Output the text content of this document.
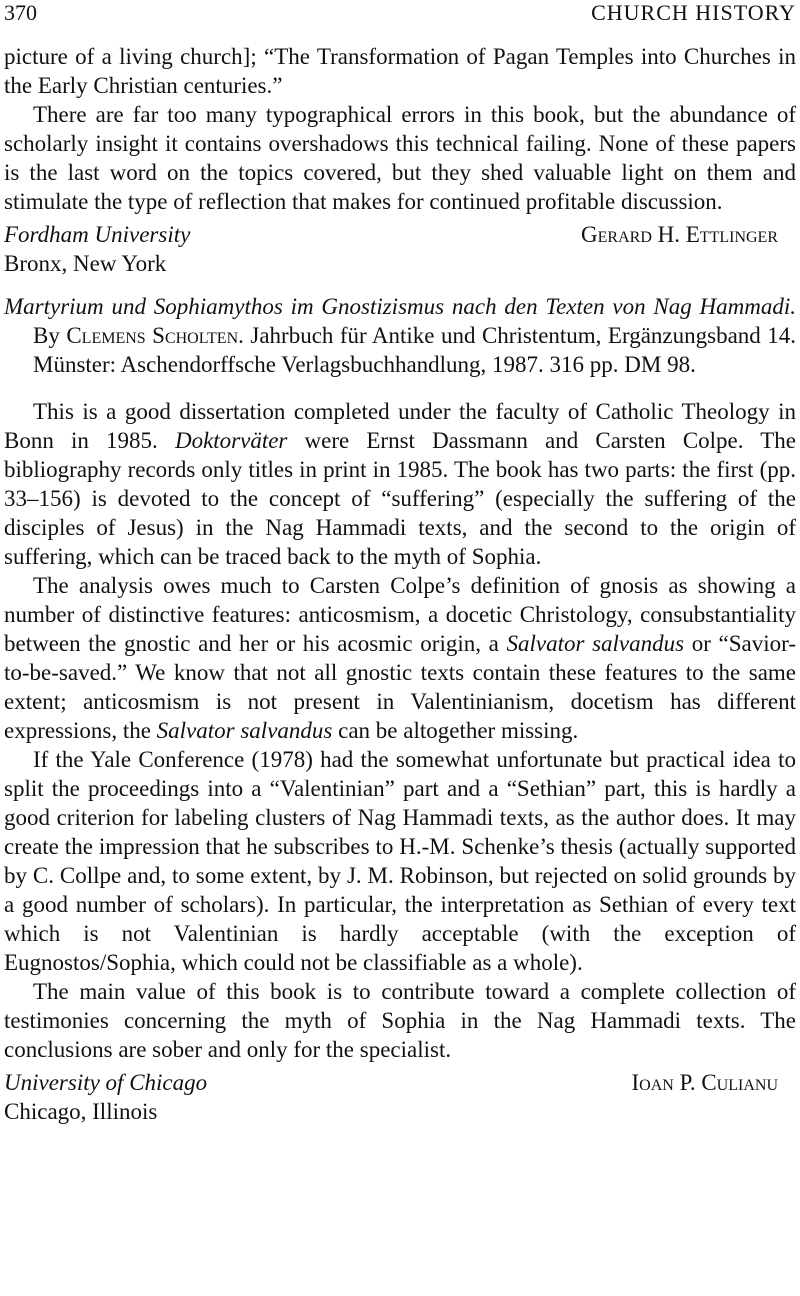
370	CHURCH HISTORY

picture of a living church]; “The Transformation of Pagan Temples into Churches in the Early Christian centuries.”

There are far too many typographical errors in this book, but the abundance of scholarly insight it contains overshadows this technical failing. None of these papers is the last word on the topics covered, but they shed valuable light on them and stimulate the type of reflection that makes for continued profitable discussion.

Fordham University	Gerard H. Ettlinger
Bronx, New York

Martyrium und Sophiamythos im Gnostizismus nach den Texten von Nag Hammadi. By Clemens Scholten. Jahrbuch für Antike und Christentum, Ergänzungsband 14. Münster: Aschendorffsche Verlagsbuchhandlung, 1987. 316 pp. DM 98.

This is a good dissertation completed under the faculty of Catholic Theology in Bonn in 1985. Doktorväter were Ernst Dassmann and Carsten Colpe. The bibliography records only titles in print in 1985. The book has two parts: the first (pp. 33–156) is devoted to the concept of “suffering” (especially the suffering of the disciples of Jesus) in the Nag Hammadi texts, and the second to the origin of suffering, which can be traced back to the myth of Sophia.

The analysis owes much to Carsten Colpe’s definition of gnosis as showing a number of distinctive features: anticosmism, a docetic Christology, consubstantiality between the gnostic and her or his acosmic origin, a Salvator salvandus or “Savior-to-be-saved.” We know that not all gnostic texts contain these features to the same extent; anticosmism is not present in Valentinianism, docetism has different expressions, the Salvator salvandus can be altogether missing.

If the Yale Conference (1978) had the somewhat unfortunate but practical idea to split the proceedings into a “Valentinian” part and a “Sethian” part, this is hardly a good criterion for labeling clusters of Nag Hammadi texts, as the author does. It may create the impression that he subscribes to H.-M. Schenke’s thesis (actually supported by C. Collpe and, to some extent, by J. M. Robinson, but rejected on solid grounds by a good number of scholars). In particular, the interpretation as Sethian of every text which is not Valentinian is hardly acceptable (with the exception of Eugnostos/Sophia, which could not be classifiable as a whole).

The main value of this book is to contribute toward a complete collection of testimonies concerning the myth of Sophia in the Nag Hammadi texts. The conclusions are sober and only for the specialist.

University of Chicago	Ioan P. Culianu
Chicago, Illinois
